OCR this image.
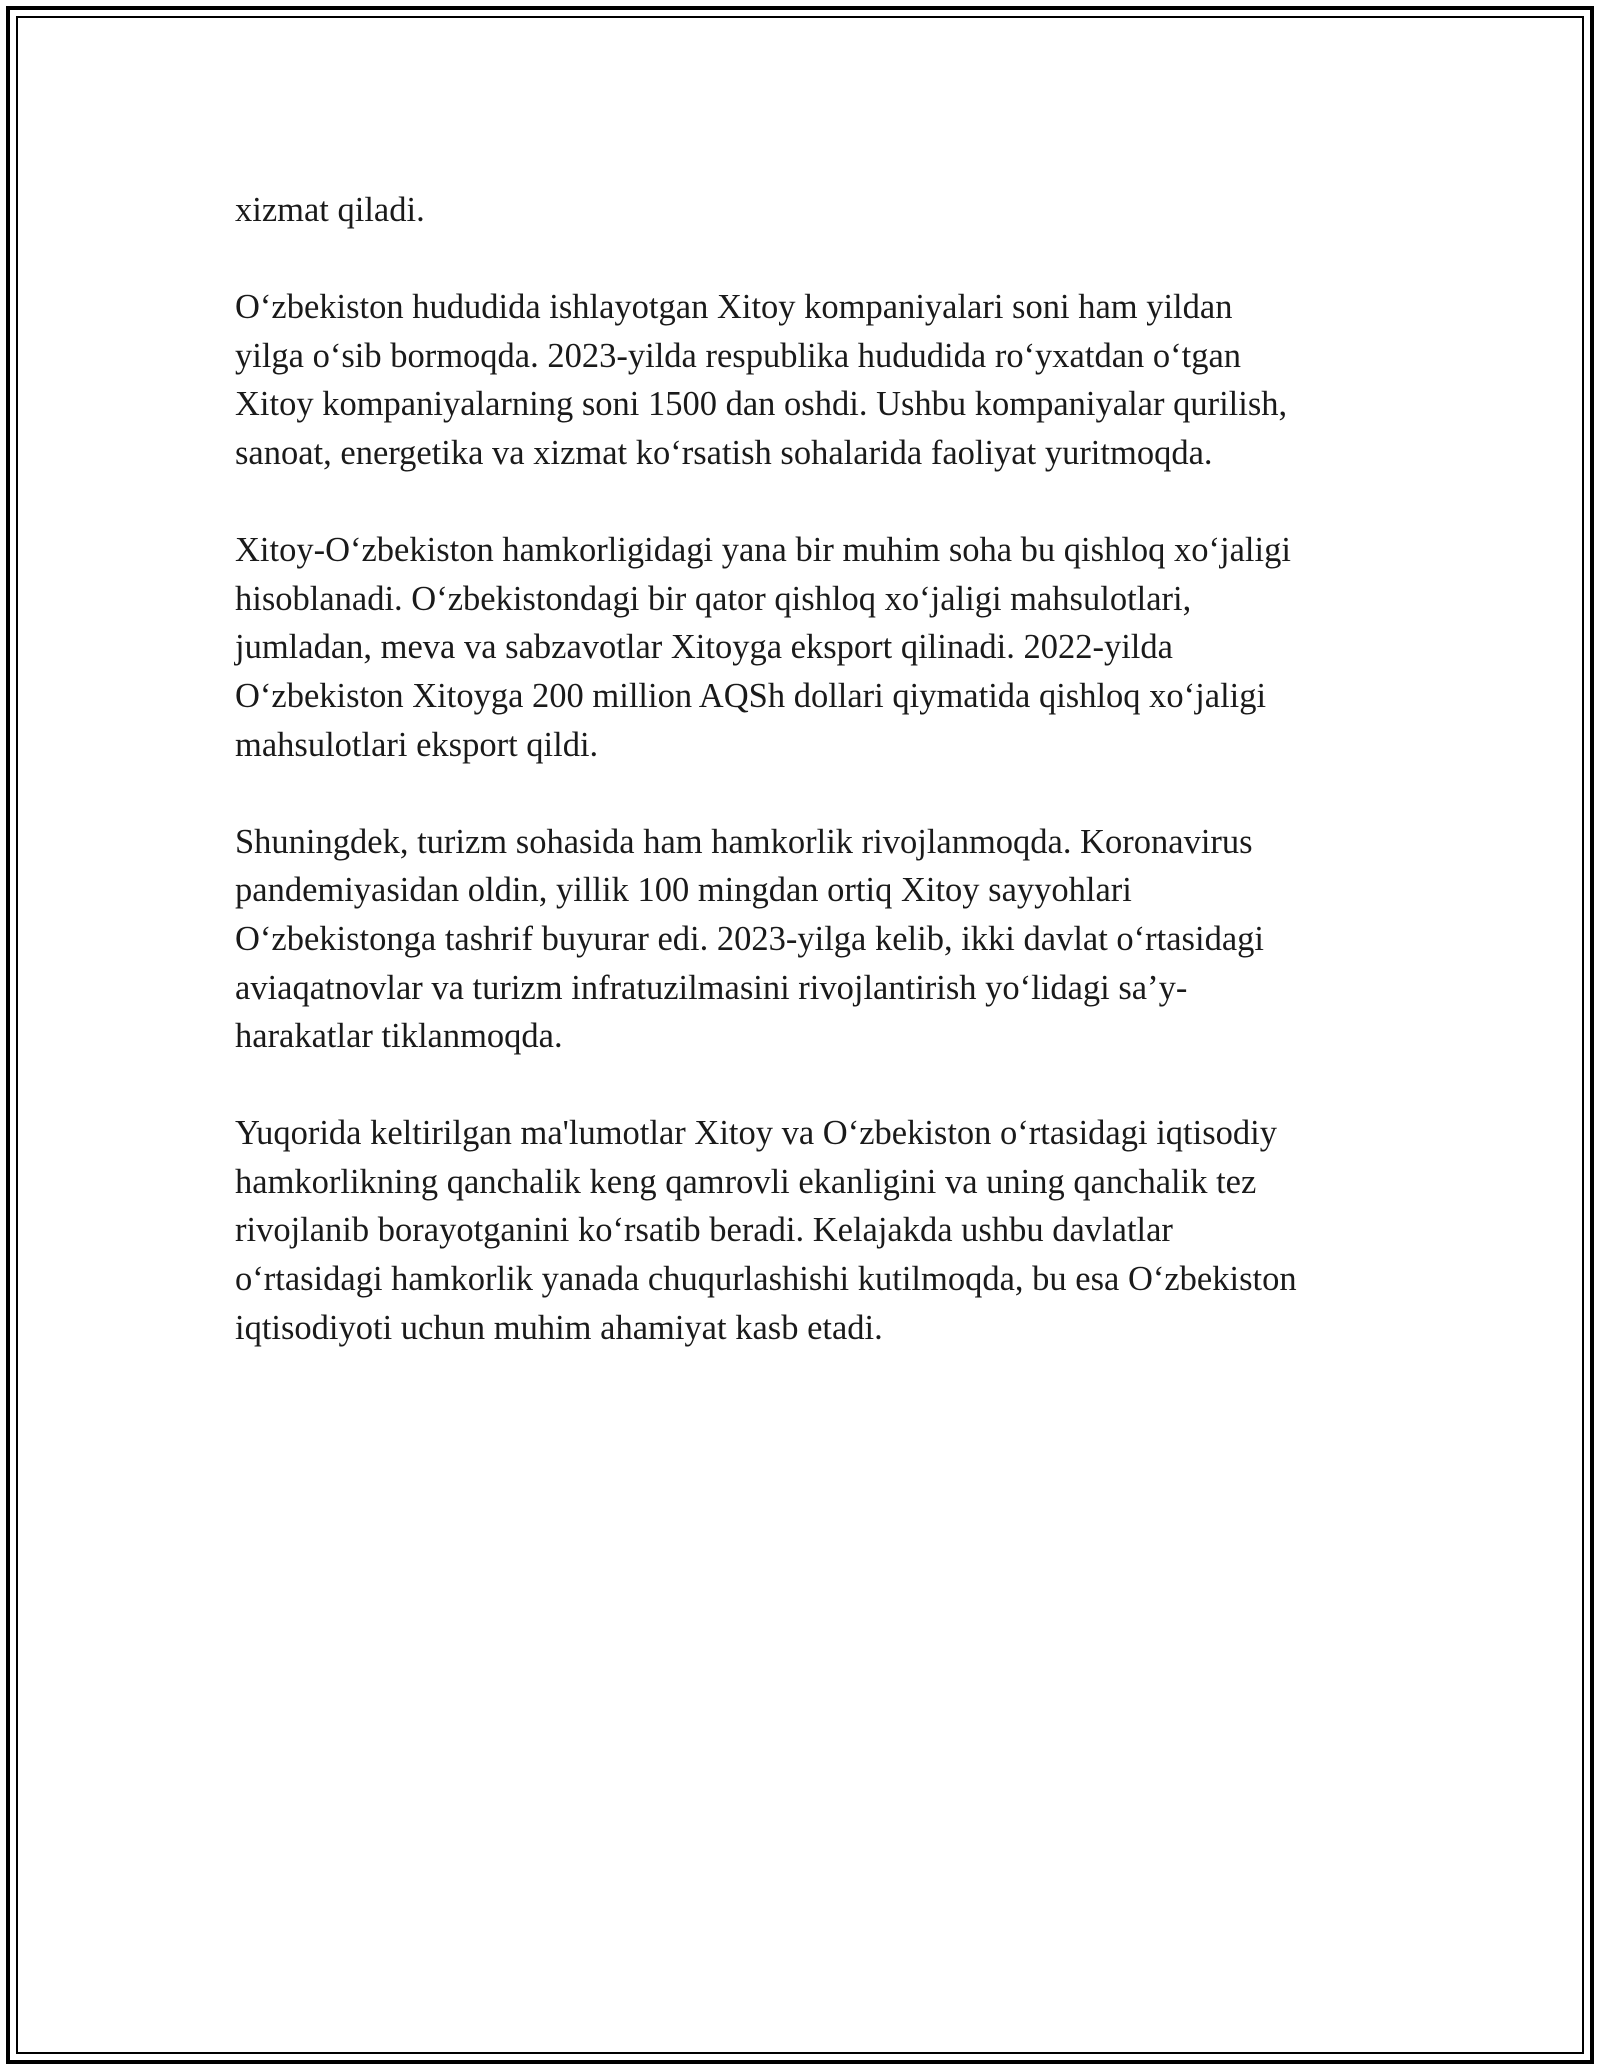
xizmat qiladi.

O‘zbekiston hududida ishlayotgan Xitoy kompaniyalari soni ham yildan
yilga o‘sib bormoqda. 2023-yilda respublika hududida ro‘yxatdan o‘tgan
Xitoy kompaniyalarning soni 1500 dan oshdi. Ushbu kompaniyalar qurilish,
sanoat, energetika va xizmat ko‘rsatish sohalarida faoliyat yuritmoqda.

Xitoy-O‘zbekiston hamkorligidagi yana bir muhim soha bu qishloq xo‘jaligi
hisoblanadi. O‘zbekistondagi bir qator qishloq xo‘jaligi mahsulotlari,
jumladan, meva va sabzavotlar Xitoyga eksport qilinadi. 2022-yilda
O‘zbekiston Xitoyga 200 million AQSh dollari qiymatida qishloq xo‘jaligi
mahsulotlari eksport qildi.

Shuningdek, turizm sohasida ham hamkorlik rivojlanmoqda. Koronavirus
pandemiyasidan oldin, yillik 100 mingdan ortiq Xitoy sayyohlari
O‘zbekistonga tashrif buyurar edi. 2023-yilga kelib, ikki davlat o‘rtasidagi
aviaqatnovlar va turizm infratuzilmasini rivojlantirish yo‘lidagi sa’y-
harakatlar tiklanmoqda.

Yuqorida keltirilgan ma'lumotlar Xitoy va O‘zbekiston o‘rtasidagi iqtisodiy
hamkorlikning qanchalik keng qamrovli ekanligini va uning qanchalik tez
rivojlanib borayotganini ko‘rsatib beradi. Kelajakda ushbu davlatlar
o‘rtasidagi hamkorlik yanada chuqurlashishi kutilmoqda, bu esa O‘zbekiston
iqtisodiyoti uchun muhim ahamiyat kasb etadi.
